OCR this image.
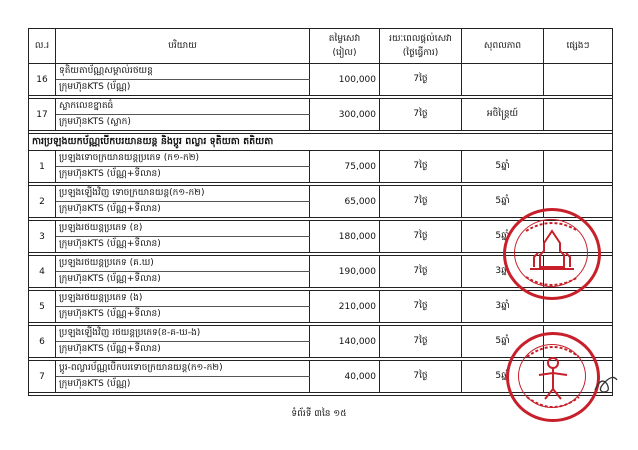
ល.រ	បរិយាយ	តម្លៃសេវា
(រៀល)	រយៈពេលផ្តល់សេវា
(ថ្ងៃធ្វើការ)	សុពលភាព	ផ្សេងៗ
16	ទុតិយតាប័ណ្ណសម្គាល់រថយន្ត	100,000	7ថ្ងៃ		
	ក្រុមហ៊ុនKTS (ប័ណ្ណ)				

17	ស្លាកលេខខ្នាតធំ	300,000	7ថ្ងៃ	អចិន្ត្រៃយ៍	
	ក្រុមហ៊ុនKTS (ស្លាក)				

ការប្រឡងយកប័ណ្ណបើកបរយានយន្ត និងប្តូរ ពល្លារ ទុតិយតា តតិយតា					
1	ប្រឡងទោចក្រយានយន្តប្រភេទ (ក១-ក២)	75,000	7ថ្ងៃ	5ឆ្នាំ	
	ក្រុមហ៊ុនKTS (ប័ណ្ណ+ទីលាន)				

2	ប្រឡងឡើងវិញ ទោចក្រយានយន្ត(ក១-ក២)	65,000	7ថ្ងៃ	5ឆ្នាំ	
	ក្រុមហ៊ុនKTS (ប័ណ្ណ+ទីលាន)				

3	ប្រឡងរថយន្តប្រភេទ (ខ)	180,000	7ថ្ងៃ	5ឆ្នាំ	
	ក្រុមហ៊ុនKTS (ប័ណ្ណ+ទីលាន)				

4	ប្រឡងរថយន្តប្រភេទ (គ.ឃ)	190,000	7ថ្ងៃ	3ឆ្នាំ	
	ក្រុមហ៊ុនKTS (ប័ណ្ណ+ទីលាន)				

5	ប្រឡងរថយន្តប្រភេទ (ង)	210,000	7ថ្ងៃ	3ឆ្នាំ	
	ក្រុមហ៊ុនKTS (ប័ណ្ណ+ទីលាន)				

6	ប្រឡងឡើងវិញ រថយន្តប្រភេទ(ខ-គ-ឃ-ង)	140,000	7ថ្ងៃ	5ឆ្នាំ	
	ក្រុមហ៊ុនKTS (ប័ណ្ណ+ទីលាន)				

7	ប្តូរ-ពល្លារប័ណ្ណបើកបរទោចក្រយានយន្ត(ក១-ក២)	40,000	7ថ្ងៃ	5ឆ្នាំ	
	ក្រុមហ៊ុនKTS (ប័ណ្ណ)				

ទំព័រទី ៣នៃ ១៥
